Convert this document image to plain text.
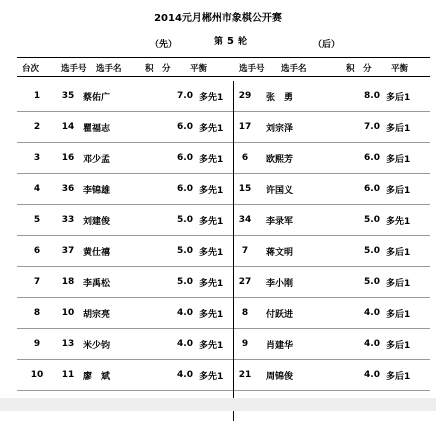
2014元月郴州市象棋公开赛
（先）	第 5 轮	（后）
台次	选手号 选手名	积　分 平衡	选手号 选手名	积　分 平衡
1	35	蔡佑广	7.0	多先1	29	张　勇	8.0	多后1
2	14	瞿福志	6.0	多先1	17	刘宗泽	7.0	多后1
3	16	邓少孟	6.0	多先1	6	欧熙芳	6.0	多后1
4	36	李锦雄	6.0	多先1	15	许国义	6.0	多后1
5	33	刘建俊	5.0	多先1	34	李录军	5.0	多先1
6	37	黄仕禧	5.0	多先1	7	蒋文明	5.0	多后1
7	18	李禹松	5.0	多先1	27	李小刚	5.0	多后1
8	10	胡宗亮	4.0	多先1	8	付跃进	4.0	多后1
9	13	米少钧	4.0	多先1	9	肖建华	4.0	多后1
10	11	廖　斌	4.0	多先1	21	周锦俊	4.0	多后1
